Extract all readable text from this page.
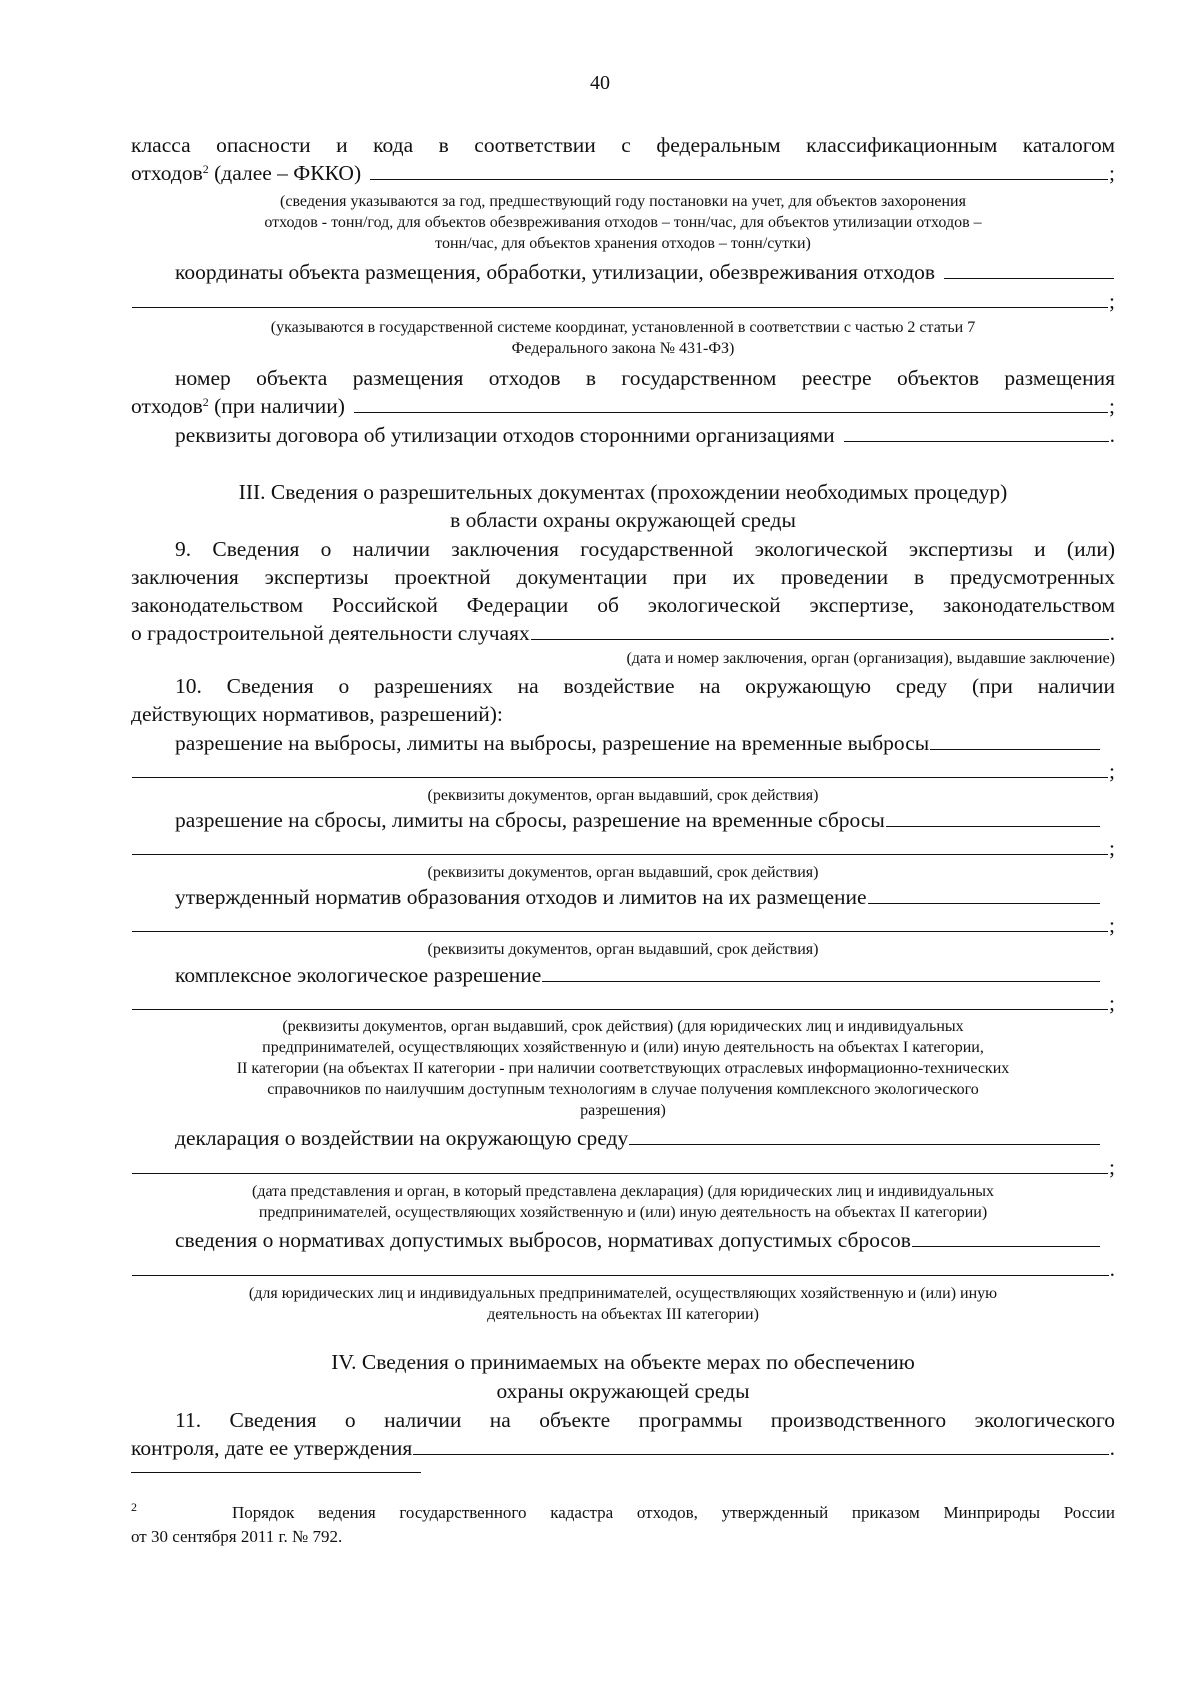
40
класса опасности и кода в соответствии с федеральным классификационным каталогом
отходов$^2$ (далее – ФККО)	;
(сведения указываются за год, предшествующий году постановки на учет, для объектов захоронения
отходов - тонн/год, для объектов обезвреживания отходов – тонн/час, для объектов утилизации отходов –
тонн/час, для объектов хранения отходов – тонн/сутки)
координаты объекта размещения, обработки, утилизации, обезвреживания отходов
;
(указываются в государственной системе координат, установленной в соответствии с частью 2 статьи 7
Федерального закона № 431-ФЗ)
номер объекта размещения отходов в государственном реестре объектов размещения
отходов$^2$ (при наличии)	;
реквизиты договора об утилизации отходов сторонними организациями	.
III. Сведения о разрешительных документах (прохождении необходимых процедур)
в области охраны окружающей среды
9. Сведения о наличии заключения государственной экологической экспертизы и (или)
заключения экспертизы проектной документации при их проведении в предусмотренных
законодательством Российской Федерации об экологической экспертизе, законодательством
о градостроительной деятельности случаях	.
(дата и номер заключения, орган (организация), выдавшие заключение)
10. Сведения о разрешениях на воздействие на окружающую среду (при наличии
действующих нормативов, разрешений):
разрешение на выбросы, лимиты на выбросы, разрешение на временные выбросы
;
(реквизиты документов, орган выдавший, срок действия)
разрешение на сбросы, лимиты на сбросы, разрешение на временные сбросы
;
(реквизиты документов, орган выдавший, срок действия)
утвержденный норматив образования отходов и лимитов на их размещение
;
(реквизиты документов, орган выдавший, срок действия)
комплексное экологическое разрешение
;
(реквизиты документов, орган выдавший, срок действия) (для юридических лиц и индивидуальных
предпринимателей, осуществляющих хозяйственную и (или) иную деятельность на объектах I категории,
II категории (на объектах II категории - при наличии соответствующих отраслевых информационно-технических
справочников по наилучшим доступным технологиям в случае получения комплексного экологического
разрешения)
декларация о воздействии на окружающую среду
;
(дата представления и орган, в который представлена декларация) (для юридических лиц и индивидуальных
предпринимателей, осуществляющих хозяйственную и (или) иную деятельность на объектах II категории)
сведения о нормативах допустимых выбросов, нормативах допустимых сбросов
.
(для юридических лиц и индивидуальных предпринимателей, осуществляющих хозяйственную и (или) иную
деятельность на объектах III категории)
IV. Сведения о принимаемых на объекте мерах по обеспечению
охраны окружающей среды
11. Сведения о наличии на объекте программы производственного экологического
контроля, дате ее утверждения	.
$^2$	Порядок ведения государственного кадастра отходов, утвержденный приказом Минприроды России
от 30 сентября 2011 г. № 792.
